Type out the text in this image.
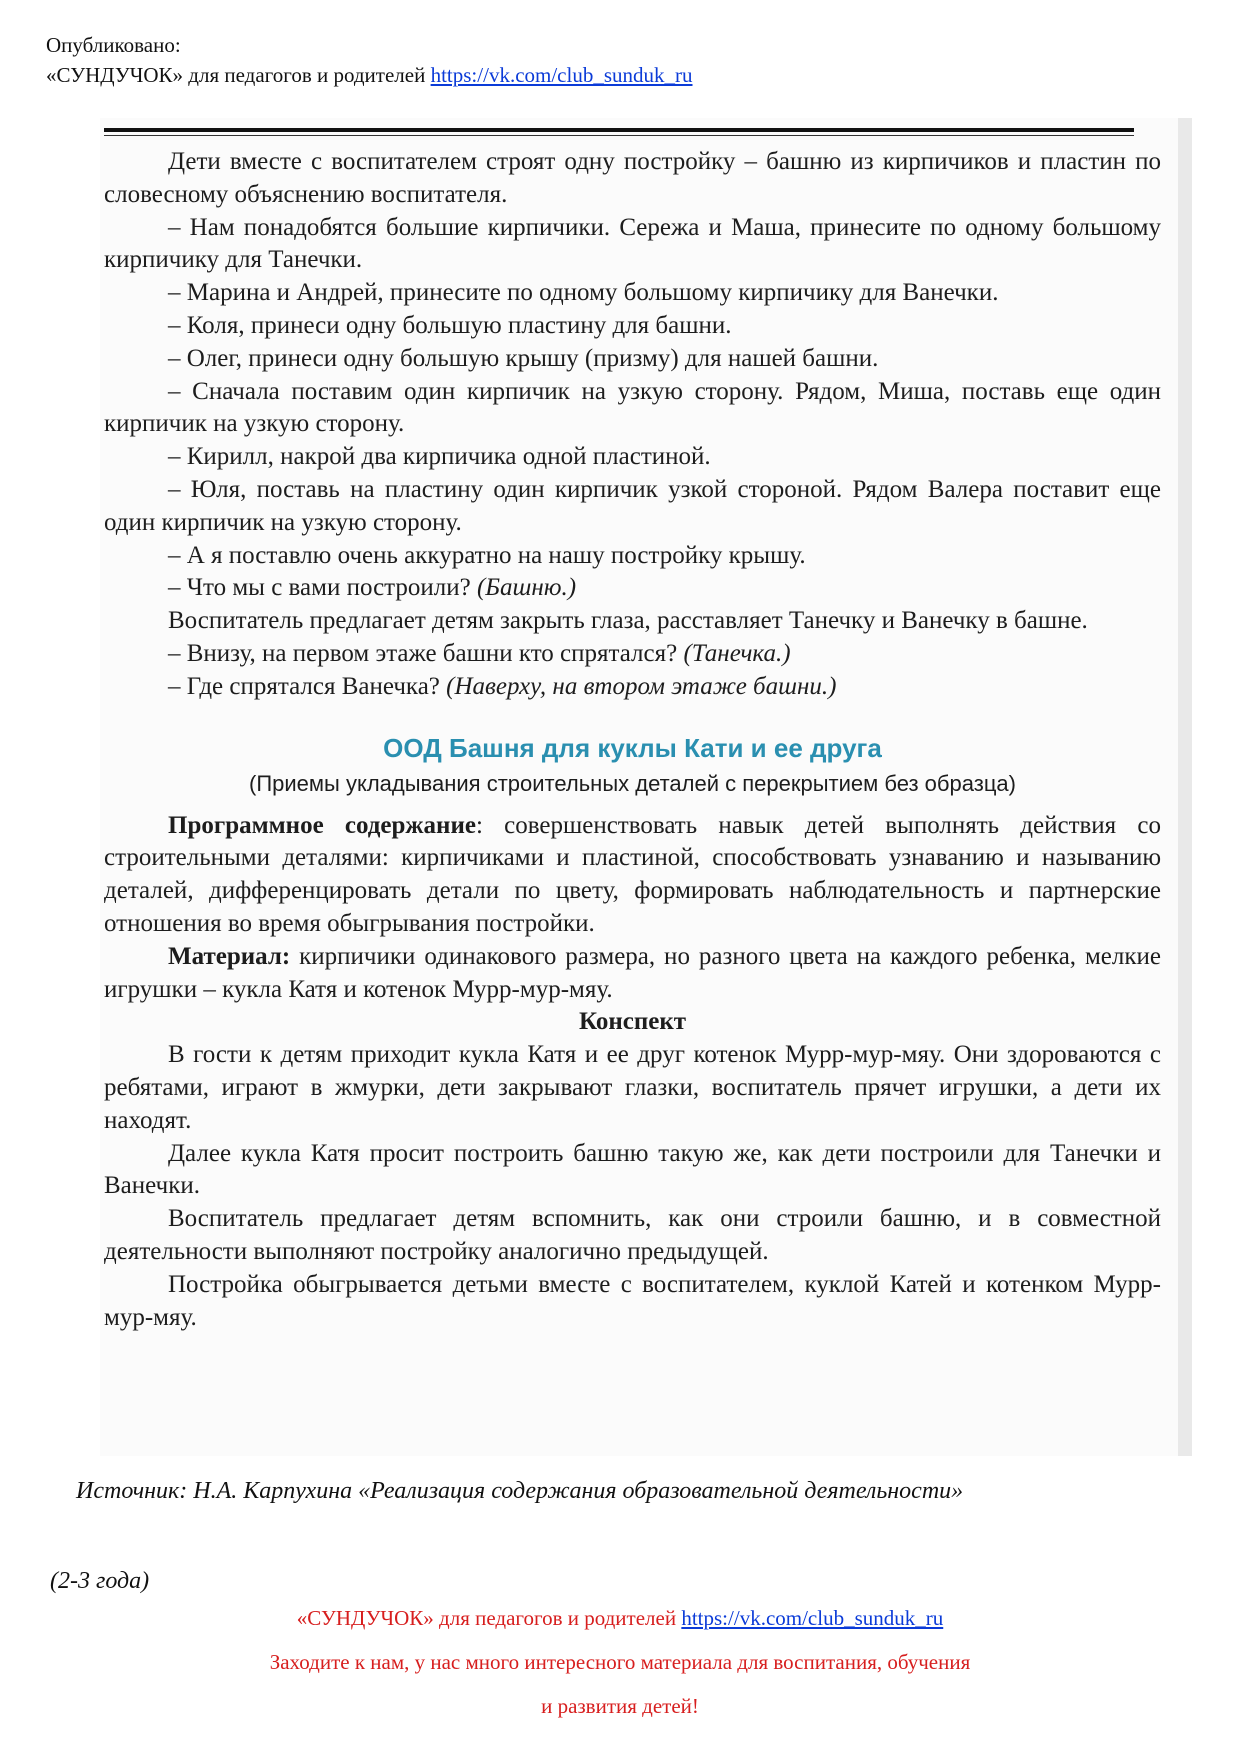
Опубликовано:
«СУНДУЧОК» для педагогов и родителей https://vk.com/club_sunduk_ru

Дети вместе с воспитателем строят одну постройку – башню из кирпичиков и пластин по словесному объяснению воспитателя.

– Нам понадобятся большие кирпичики. Сережа и Маша, принесите по одному большому кирпичику для Танечки.

– Марина и Андрей, принесите по одному большому кирпичику для Ванечки.

– Коля, принеси одну большую пластину для башни.

– Олег, принеси одну большую крышу (призму) для нашей башни.

– Сначала поставим один кирпичик на узкую сторону. Рядом, Миша, поставь еще один кирпичик на узкую сторону.

– Кирилл, накрой два кирпичика одной пластиной.

– Юля, поставь на пластину один кирпичик узкой стороной. Рядом Валера поставит еще один кирпичик на узкую сторону.

– А я поставлю очень аккуратно на нашу постройку крышу.

– Что мы с вами построили? (Башню.)

Воспитатель предлагает детям закрыть глаза, расставляет Танечку и Ванечку в башне.

– Внизу, на первом этаже башни кто спрятался? (Танечка.)

– Где спрятался Ванечка? (Наверху, на втором этаже башни.)

ООД Башня для куклы Кати и ее друга

(Приемы укладывания строительных деталей с перекрытием без образца)

Программное содержание: совершенствовать навык детей выполнять действия со строительными деталями: кирпичиками и пластиной, способствовать узнаванию и называнию деталей, дифференцировать детали по цвету, формировать наблюдательность и партнерские отношения во время обыгрывания постройки.

Материал: кирпичики одинакового размера, но разного цвета на каждого ребенка, мелкие игрушки – кукла Катя и котенок Мурр-мур-мяу.

Конспект

В гости к детям приходит кукла Катя и ее друг котенок Мурр-мур-мяу. Они здороваются с ребятами, играют в жмурки, дети закрывают глазки, воспитатель прячет игрушки, а дети их находят.

Далее кукла Катя просит построить башню такую же, как дети построили для Танечки и Ванечки.

Воспитатель предлагает детям вспомнить, как они строили башню, и в совместной деятельности выполняют постройку аналогично предыдущей.

Постройка обыгрывается детьми вместе с воспитателем, куклой Катей и котенком Мурр-мур-мяу.

Источник: Н.А. Карпухина «Реализация содержания образовательной деятельности»
(2-3 года)
«СУНДУЧОК» для педагогов и родителей https://vk.com/club_sunduk_ru
Заходите к нам, у нас много интересного материала для воспитания, обучения
и развития детей!
